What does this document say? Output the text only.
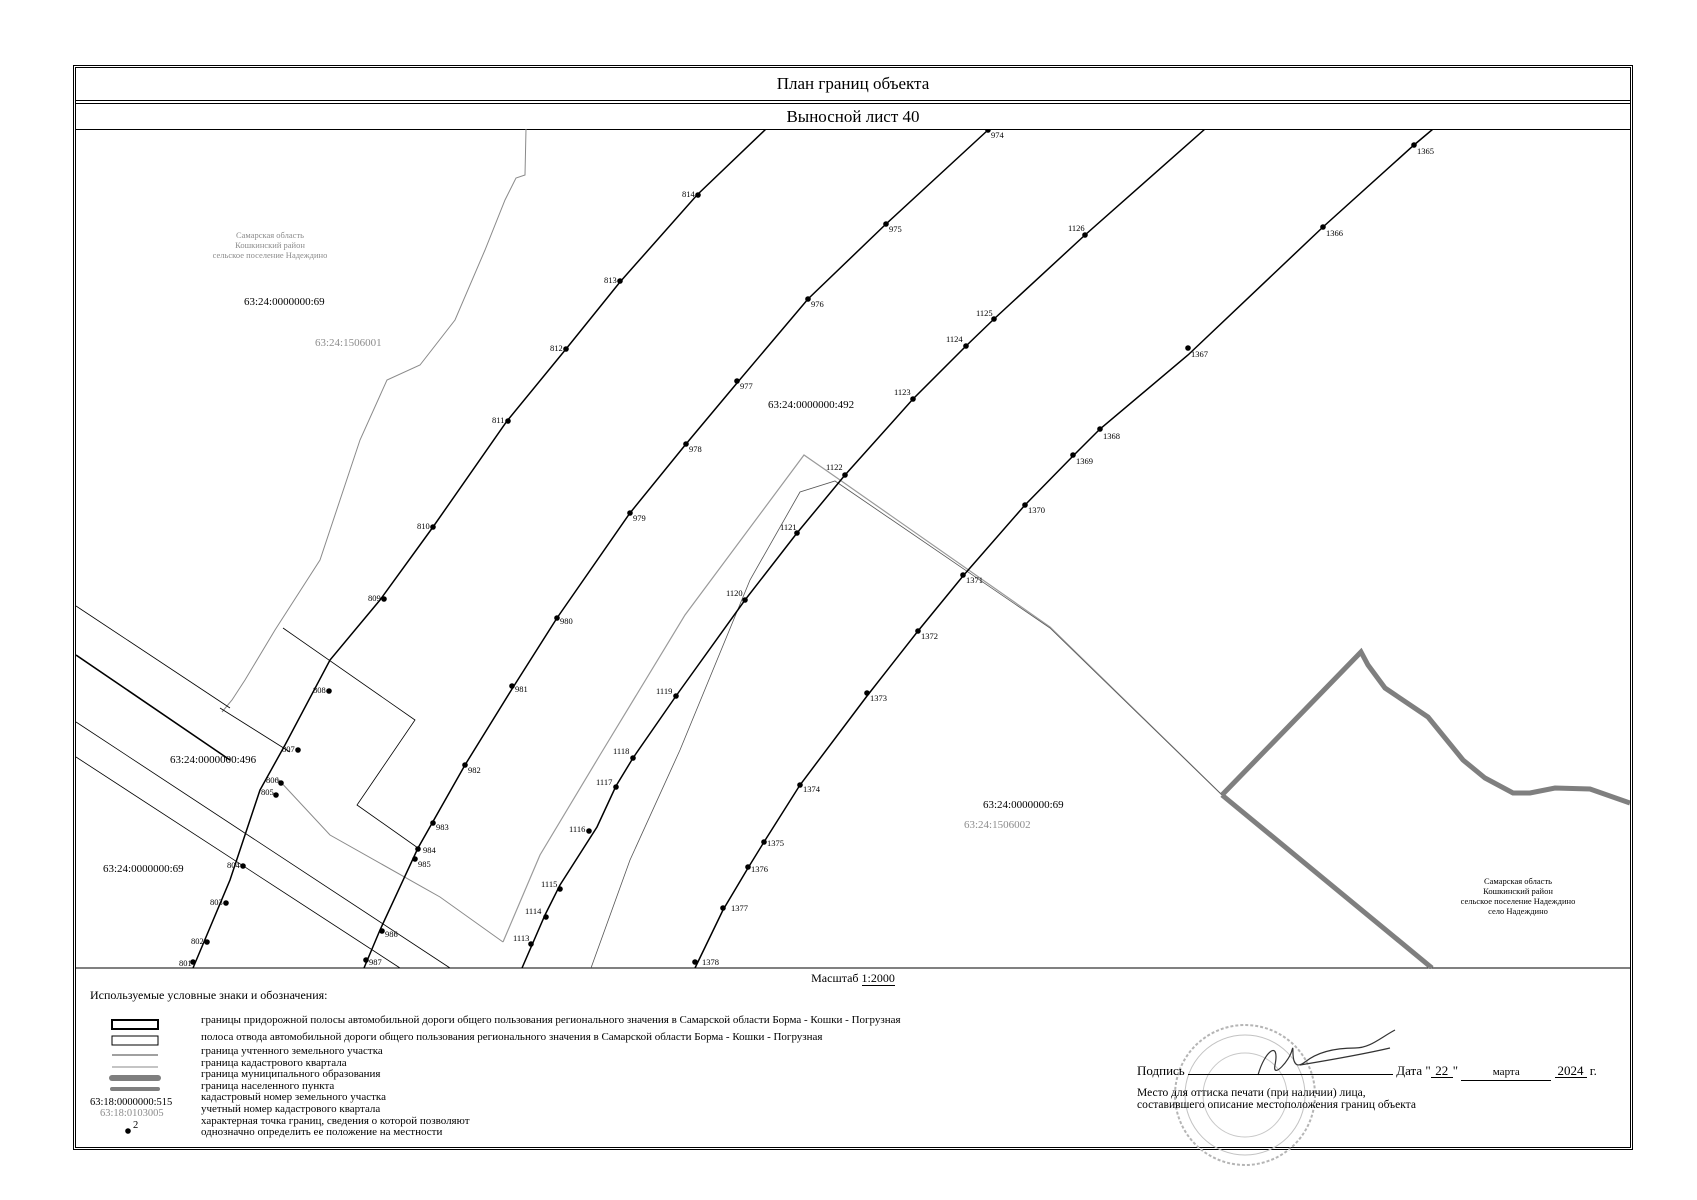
План границ объекта
Выносной лист 40
801
802
803
804
805
806
807
808
809
810
811
812
813
814
974
975
976
977
978
979
980
981
982
983
984
985
986
987
1113
1114
1115
1116
1117
1118
1119
1120
1121
1122
1123
1124
1125
1126
1365
1366
1367
1368
1369
1370
1371
1372
1373
1374
1375
1376
1377
1378
Самарская область
Кошкинский район
сельское поселение Надеждино
Самарская область
Кошкинский район
сельское поселение Надеждино
село Надеждино
63:24:0000000:69
63:24:0000000:492
63:24:0000000:496
63:24:0000000:69
63:24:0000000:69
63:24:1506001
63:24:1506002
Масштаб 1:2000
Используемые условные знаки и обозначения:
63:18:0000000:515
63:18:0103005
2
границы придорожной полосы автомобильной дороги общего пользования регионального значения в Самарской области Борма - Кошки - Погрузная
полоса отвода автомобильной дороги общего пользования регионального значения в Самарской области Борма - Кошки - Погрузная
граница учтенного земельного участка
граница кадастрового квартала
граница муниципального образования
граница населенного пункта
кадастровый номер земельного участка
учетный номер кадастрового квартала
характерная точка границ, сведения о которой позволяют
однозначно определить ее положение на местности
Подпись	Дата " 22 "	марта	2024 г.
Место для оттиска печати (при наличии) лица,
составившего описание местоположения границ объекта
